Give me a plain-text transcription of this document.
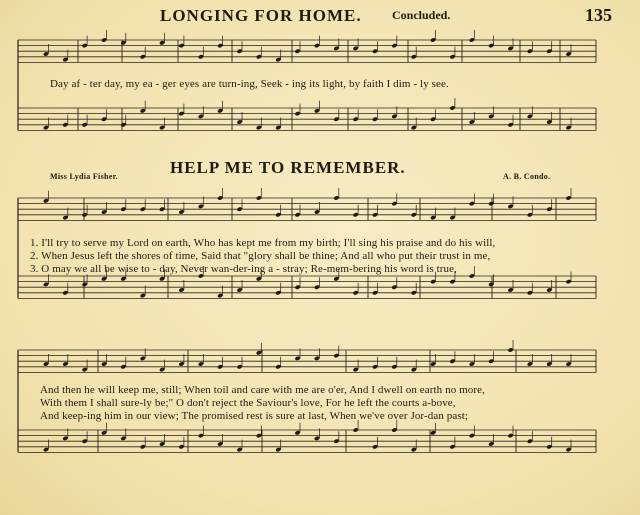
LONGING FOR HOME.	Concluded.	135
Day af - ter day, my ea - ger eyes are turn-ing, Seek - ing its light, by faith I dim - ly see.
HELP ME TO REMEMBER.
Miss Lydia Fisher.	A. B. Condo.
1. I'll try to serve my Lord on earth, Who has kept me from my birth; I'll sing his praise and do his will,
2. When Jesus left the shores of time, Said that "glory shall be thine; And all who put their trust in me,
3. O may we all be wise to - day, Never wan-der-ing a - stray; Re-mem-bering his word is true,
And then he will keep me, still; When toil and care with me are o'er, And I dwell on earth no more,
With them I shall sure-ly be;" O don't reject the Saviour's love, For he left the courts a-bove,
And keep-ing him in our view; The promised rest is sure at last, When we've over Jor-dan past;
